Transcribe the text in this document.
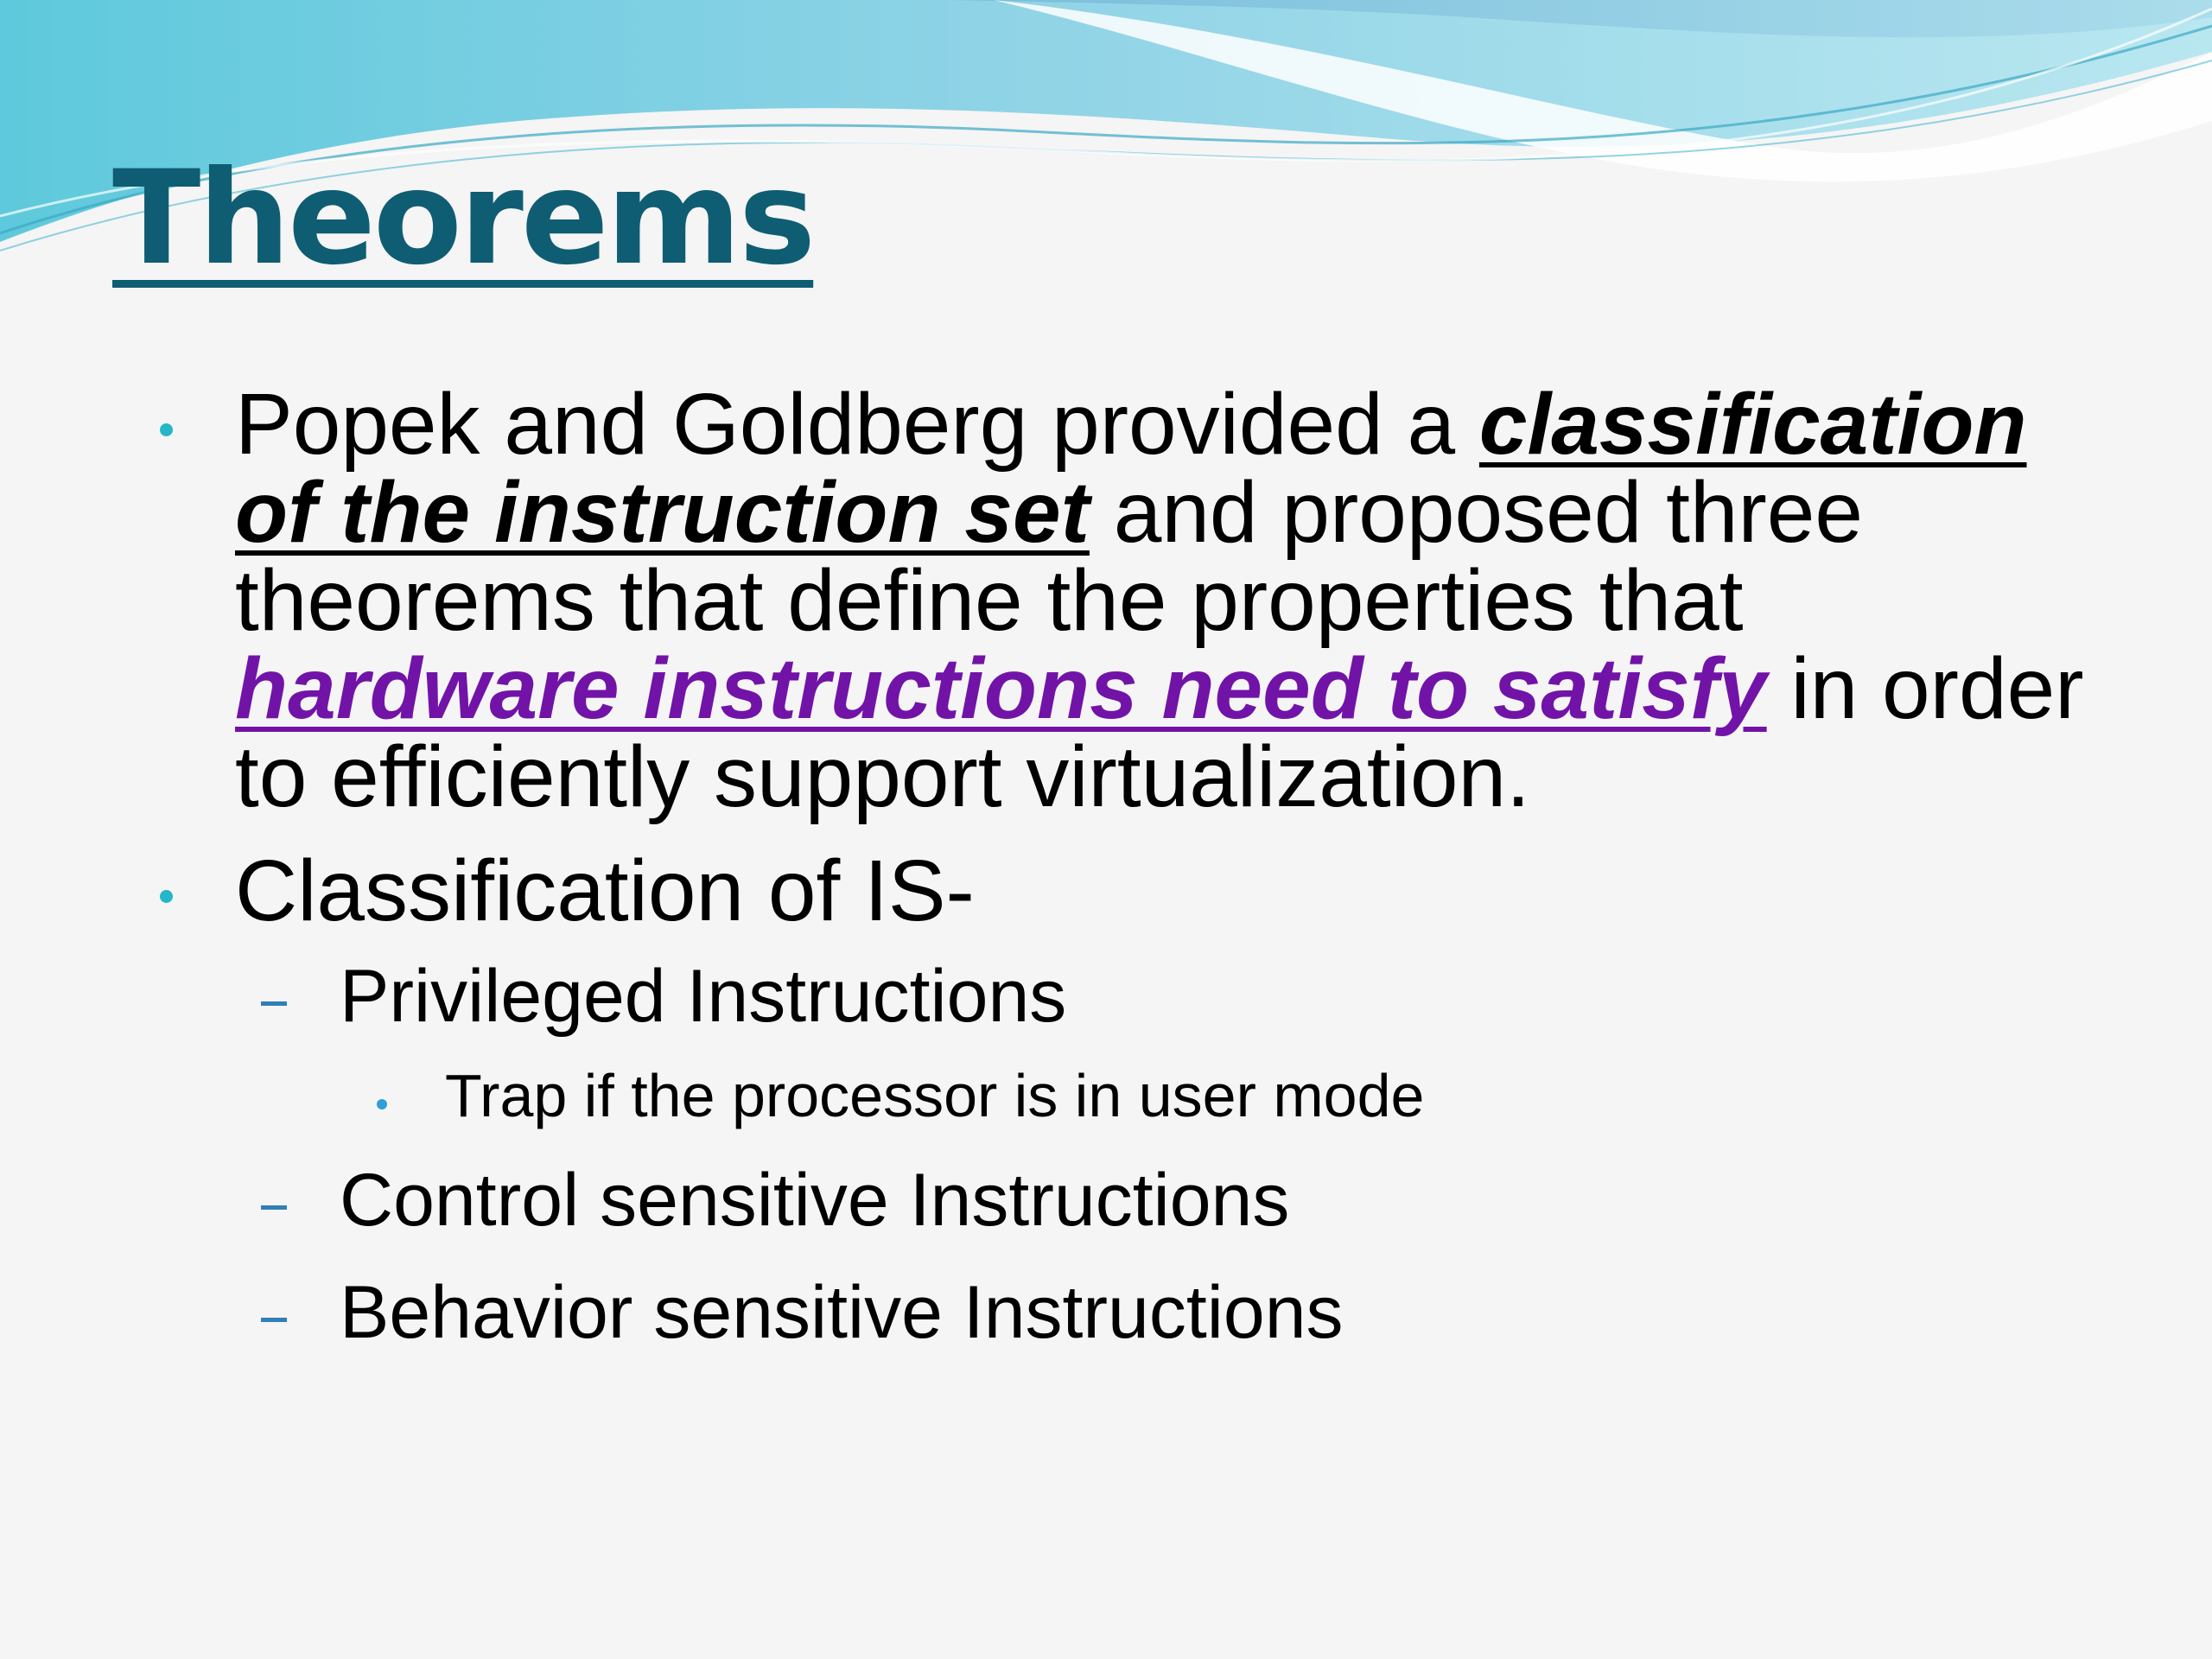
Theorems
Popek and Goldberg provided a classification of the instruction set and proposed three theorems that define the properties that hardware instructions need to satisfy in order to efficiently support virtualization.
Classification of IS-
Privileged Instructions
Trap if the processor is in user mode
Control sensitive Instructions
Behavior sensitive Instructions
